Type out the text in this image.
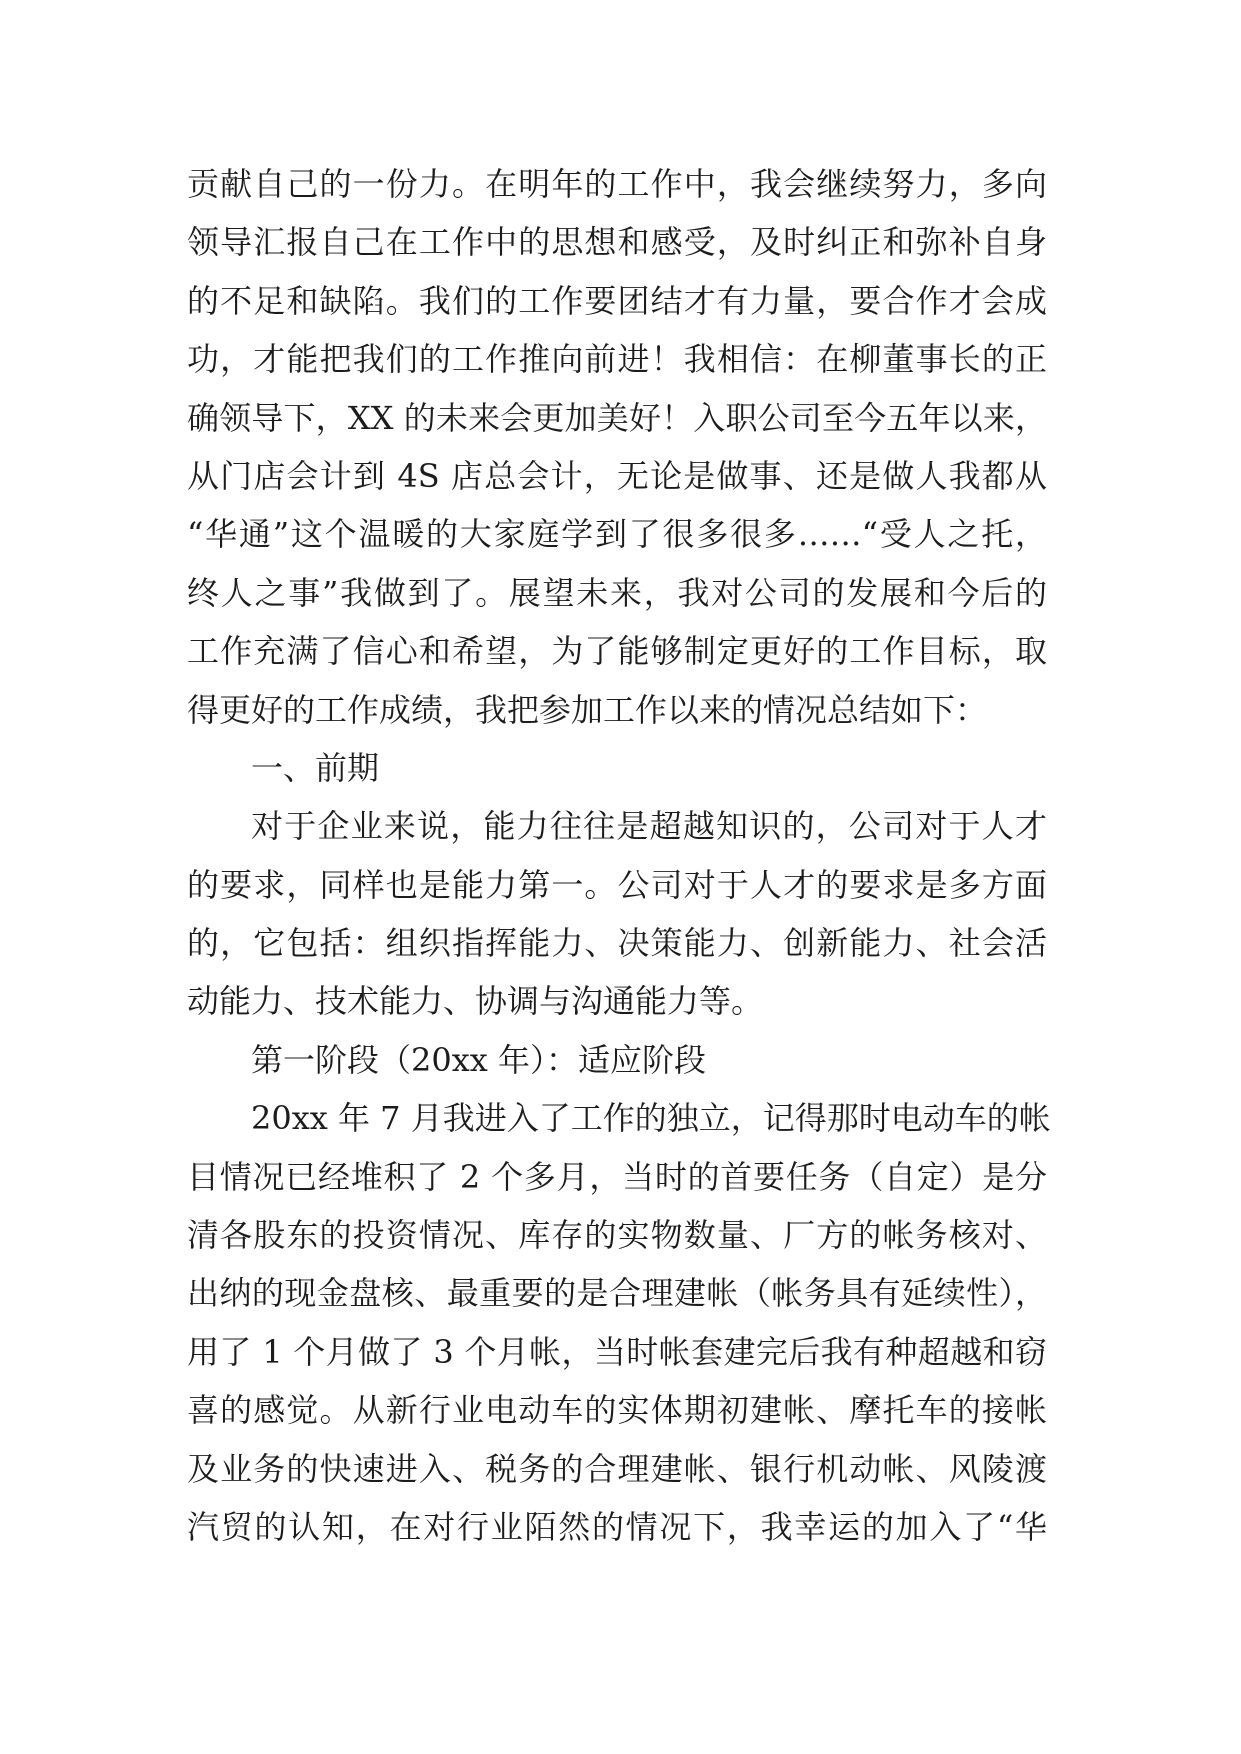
贡献自己的一份力。在明年的工作中，我会继续努力，多向
领导汇报自己在工作中的思想和感受，及时纠正和弥补自身
的不足和缺陷。我们的工作要团结才有力量，要合作才会成
功，才能把我们的工作推向前进！我相信：在柳董事长的正
确领导下，XX 的未来会更加美好！入职公司至今五年以来，
从门店会计到 4S 店总会计，无论是做事、还是做人我都从
“华通”这个温暖的大家庭学到了很多很多……“受人之托，
终人之事”我做到了。展望未来，我对公司的发展和今后的
工作充满了信心和希望，为了能够制定更好的工作目标，取
得更好的工作成绩，我把参加工作以来的情况总结如下：
一、前期
对于企业来说，能力往往是超越知识的，公司对于人才
的要求，同样也是能力第一。公司对于人才的要求是多方面
的，它包括：组织指挥能力、决策能力、创新能力、社会活
动能力、技术能力、协调与沟通能力等。
第一阶段（20xx 年）：适应阶段
20xx 年 7 月我进入了工作的独立，记得那时电动车的帐
目情况已经堆积了 2 个多月，当时的首要任务（自定）是分
清各股东的投资情况、库存的实物数量、厂方的帐务核对、
出纳的现金盘核、最重要的是合理建帐（帐务具有延续性），
用了 1 个月做了 3 个月帐，当时帐套建完后我有种超越和窃
喜的感觉。从新行业电动车的实体期初建帐、摩托车的接帐
及业务的快速进入、税务的合理建帐、银行机动帐、风陵渡
汽贸的认知，在对行业陌然的情况下，我幸运的加入了“华
